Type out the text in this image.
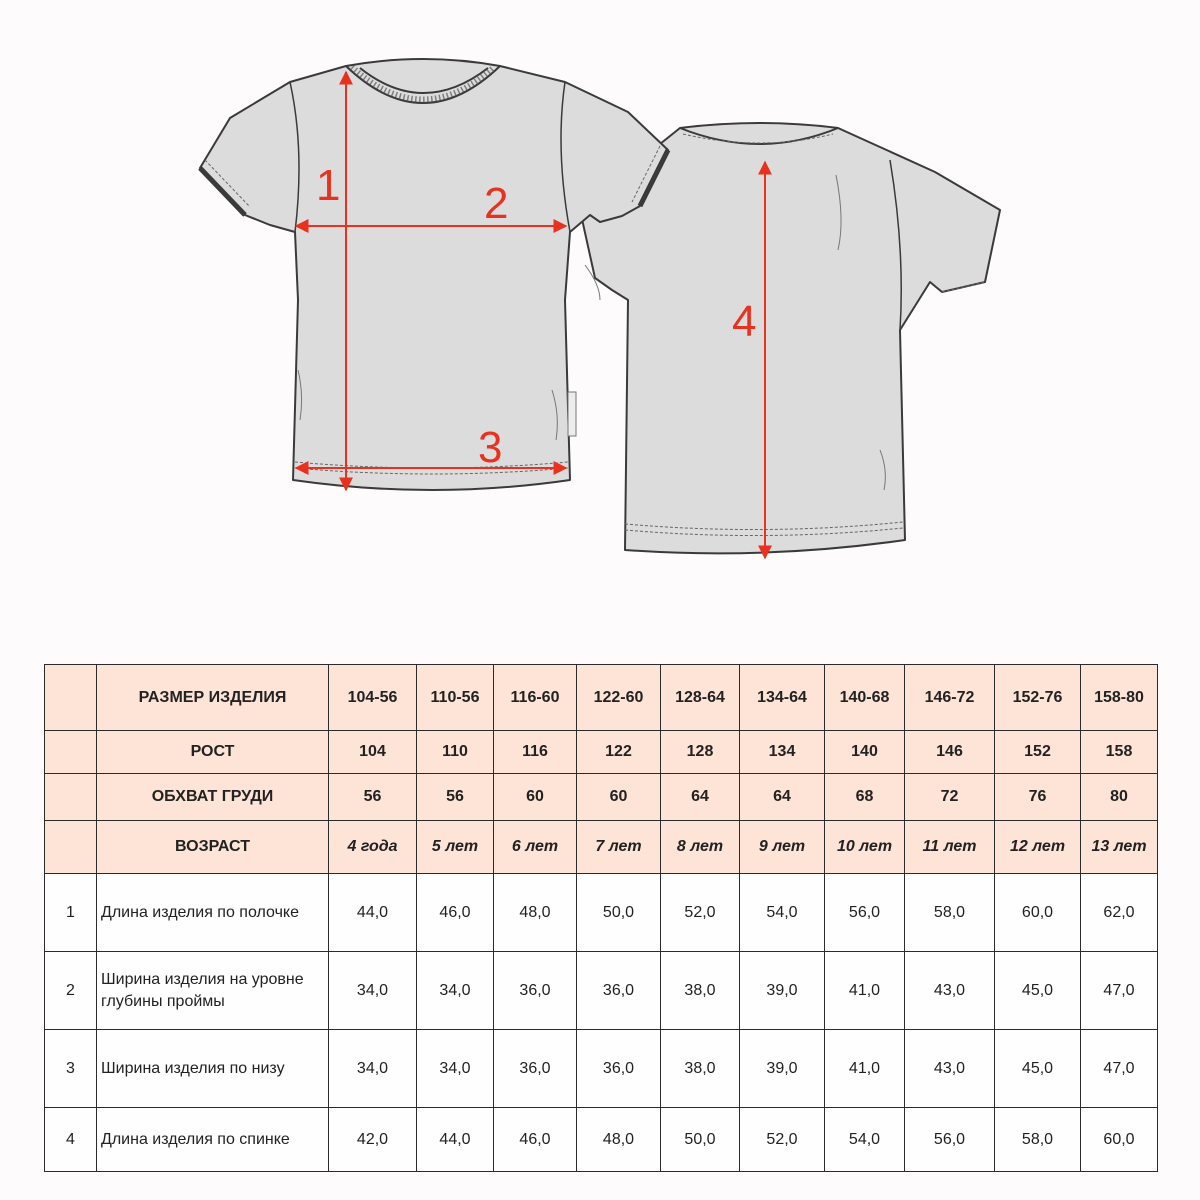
1	2
3
4
	РАЗМЕР ИЗДЕЛИЯ	104-56	110-56	116-60	122-60	128-64	134-64	140-68	146-72	152-76	158-80
	РОСТ	104	110	116	122	128	134	140	146	152	158
	ОБХВАТ ГРУДИ	56	56	60	60	64	64	68	72	76	80
	ВОЗРАСТ	4 года	5 лет	6 лет	7 лет	8 лет	9 лет	10 лет	11 лет	12 лет	13 лет
1	Длина изделия по полочке	44,0	46,0	48,0	50,0	52,0	54,0	56,0	58,0	60,0	62,0
2	Ширина изделия на уровне
глубины проймы	34,0	34,0	36,0	36,0	38,0	39,0	41,0	43,0	45,0	47,0
3	Ширина изделия по низу	34,0	34,0	36,0	36,0	38,0	39,0	41,0	43,0	45,0	47,0
4	Длина изделия по спинке	42,0	44,0	46,0	48,0	50,0	52,0	54,0	56,0	58,0	60,0
